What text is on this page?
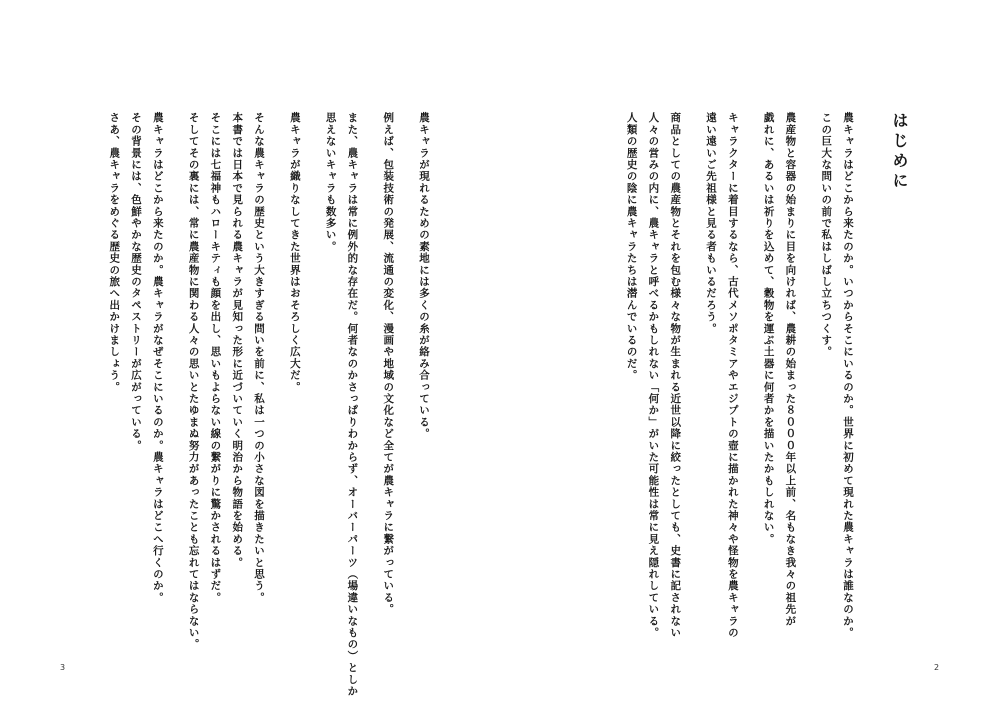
はじめに
農キャラはどこから来たのか。いつからそこにいるのか。世界に初めて現れた農キャラは誰なのか。
この巨大な問いの前で私はしばし立ちつくす。
農産物と容器の始まりに目を向ければ、農耕の始まった８０００年以上前、名もなき我々の祖先が
戯れに、あるいは祈りを込めて、穀物を運ぶ土器に何者かを描いたかもしれない。
キャラクターに着目するなら、古代メソポタミアやエジプトの壺に描かれた神々や怪物を農キャラの
遠い遠いご先祖様と見る者もいるだろう。
商品としての農産物とそれを包む様々な物が生まれる近世以降に絞ったとしても、史書に記されない
人々の営みの内に、農キャラと呼べるかもしれない「何か」がいた可能性は常に見え隠れしている。
人類の歴史の陰に農キャラたちは潜んでいるのだ。
2
農キャラが現れるための素地には多くの糸が絡み合っている。
例えば、包装技術の発展、流通の変化、漫画や地域の文化など全てが農キャラに繋がっている。
また、農キャラは常に例外的な存在だ。何者なのかさっぱりわからず、オーバーパーツ（場違いなもの）としか
思えないキャラも数多い。
農キャラが織りなしてきた世界はおそろしく広大だ。
そんな農キャラの歴史という大きすぎる問いを前に、私は一つの小さな図を描きたいと思う。
本書では日本で見られる農キャラが見知った形に近づいていく明治から物語を始める。
そこには七福神もハローキティも顔を出し、思いもよらない線の繋がりに驚かされるはずだ。
そしてその裏には、常に農産物に関わる人々の思いとたゆまぬ努力があったことも忘れてはならない。
農キャラはどこから来たのか。農キャラがなぜそこにいるのか。農キャラはどこへ行くのか。
その背景には、色鮮やかな歴史のタペストリーが広がっている。
さあ、農キャラをめぐる歴史の旅へ出かけましょう。
3
